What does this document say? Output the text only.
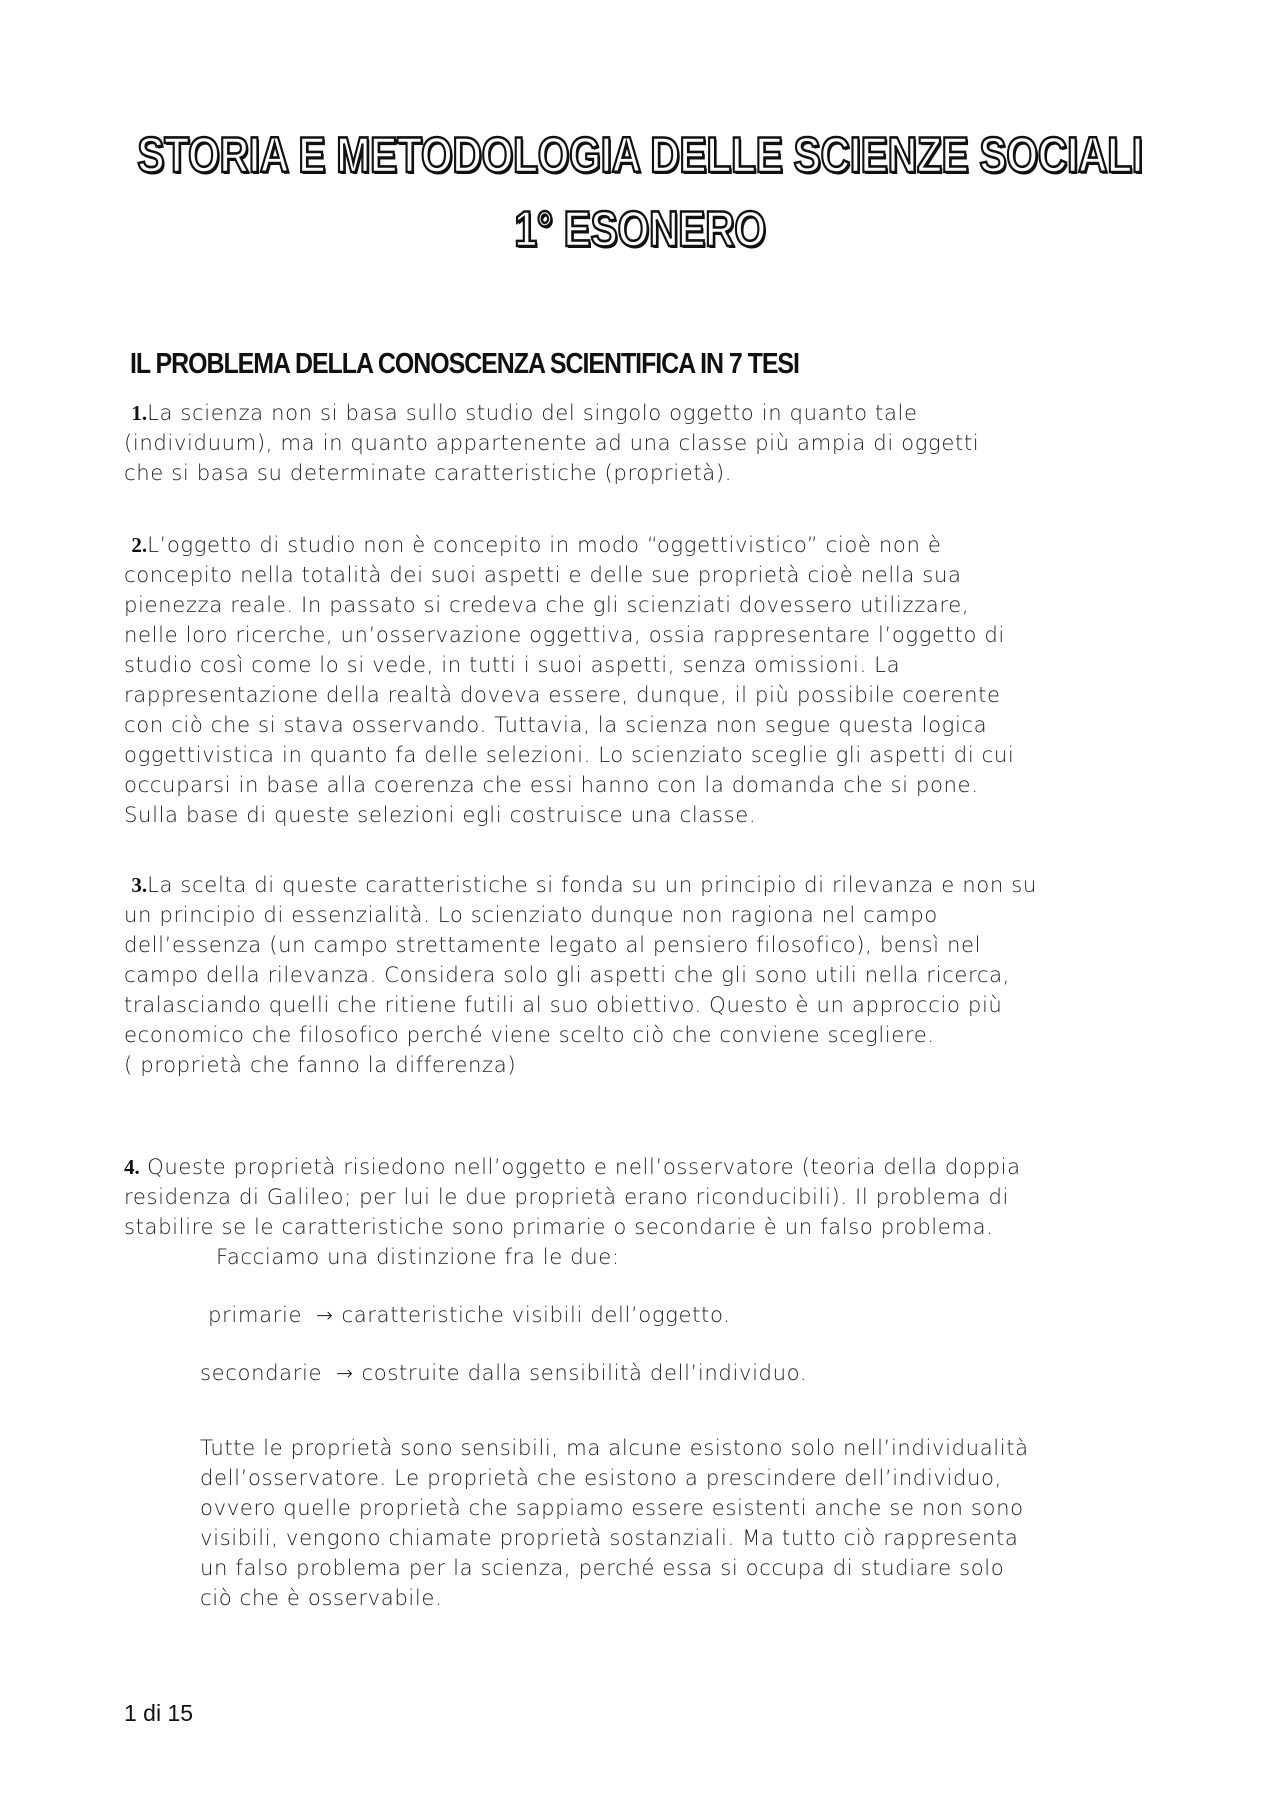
STORIA E METODOLOGIA DELLE SCIENZE SOCIALI
1° ESONERO
IL PROBLEMA DELLA CONOSCENZA SCIENTIFICA IN 7 TESI
1.La scienza non si basa sullo studio del singolo oggetto in quanto tale
(individuum), ma in quanto appartenente ad una classe più ampia di oggetti
che si basa su determinate caratteristiche (proprietà).
2.L’oggetto di studio non è concepito in modo “oggettivistico” cioè non è
concepito nella totalità dei suoi aspetti e delle sue proprietà cioè nella sua
pienezza reale. In passato si credeva che gli scienziati dovessero utilizzare,
nelle loro ricerche, un’osservazione oggettiva, ossia rappresentare l’oggetto di
studio così come lo si vede, in tutti i suoi aspetti, senza omissioni. La
rappresentazione della realtà doveva essere, dunque, il più possibile coerente
con ciò che si stava osservando. Tuttavia, la scienza non segue questa logica
oggettivistica in quanto fa delle selezioni. Lo scienziato sceglie gli aspetti di cui
occuparsi in base alla coerenza che essi hanno con la domanda che si pone.
Sulla base di queste selezioni egli costruisce una classe.
3.La scelta di queste caratteristiche si fonda su un principio di rilevanza e non su
un principio di essenzialità. Lo scienziato dunque non ragiona nel campo
dell’essenza (un campo strettamente legato al pensiero filosofico), bensì nel
campo della rilevanza. Considera solo gli aspetti che gli sono utili nella ricerca,
tralasciando quelli che ritiene futili al suo obiettivo. Questo è un approccio più
economico che filosofico perché viene scelto ciò che conviene scegliere.
( proprietà che fanno la differenza)
4. Queste proprietà risiedono nell’oggetto e nell’osservatore (teoria della doppia
residenza di Galileo; per lui le due proprietà erano riconducibili). Il problema di
stabilire se le caratteristiche sono primarie o secondarie è un falso problema.
Facciamo una distinzione fra le due:
primarie → caratteristiche visibili dell’oggetto.
secondarie → costruite dalla sensibilità dell’individuo.
Tutte le proprietà sono sensibili, ma alcune esistono solo nell’individualità
dell’osservatore. Le proprietà che esistono a prescindere dell’individuo,
ovvero quelle proprietà che sappiamo essere esistenti anche se non sono
visibili, vengono chiamate proprietà sostanziali. Ma tutto ciò rappresenta
un falso problema per la scienza, perché essa si occupa di studiare solo
ciò che è osservabile.
1 di 15
